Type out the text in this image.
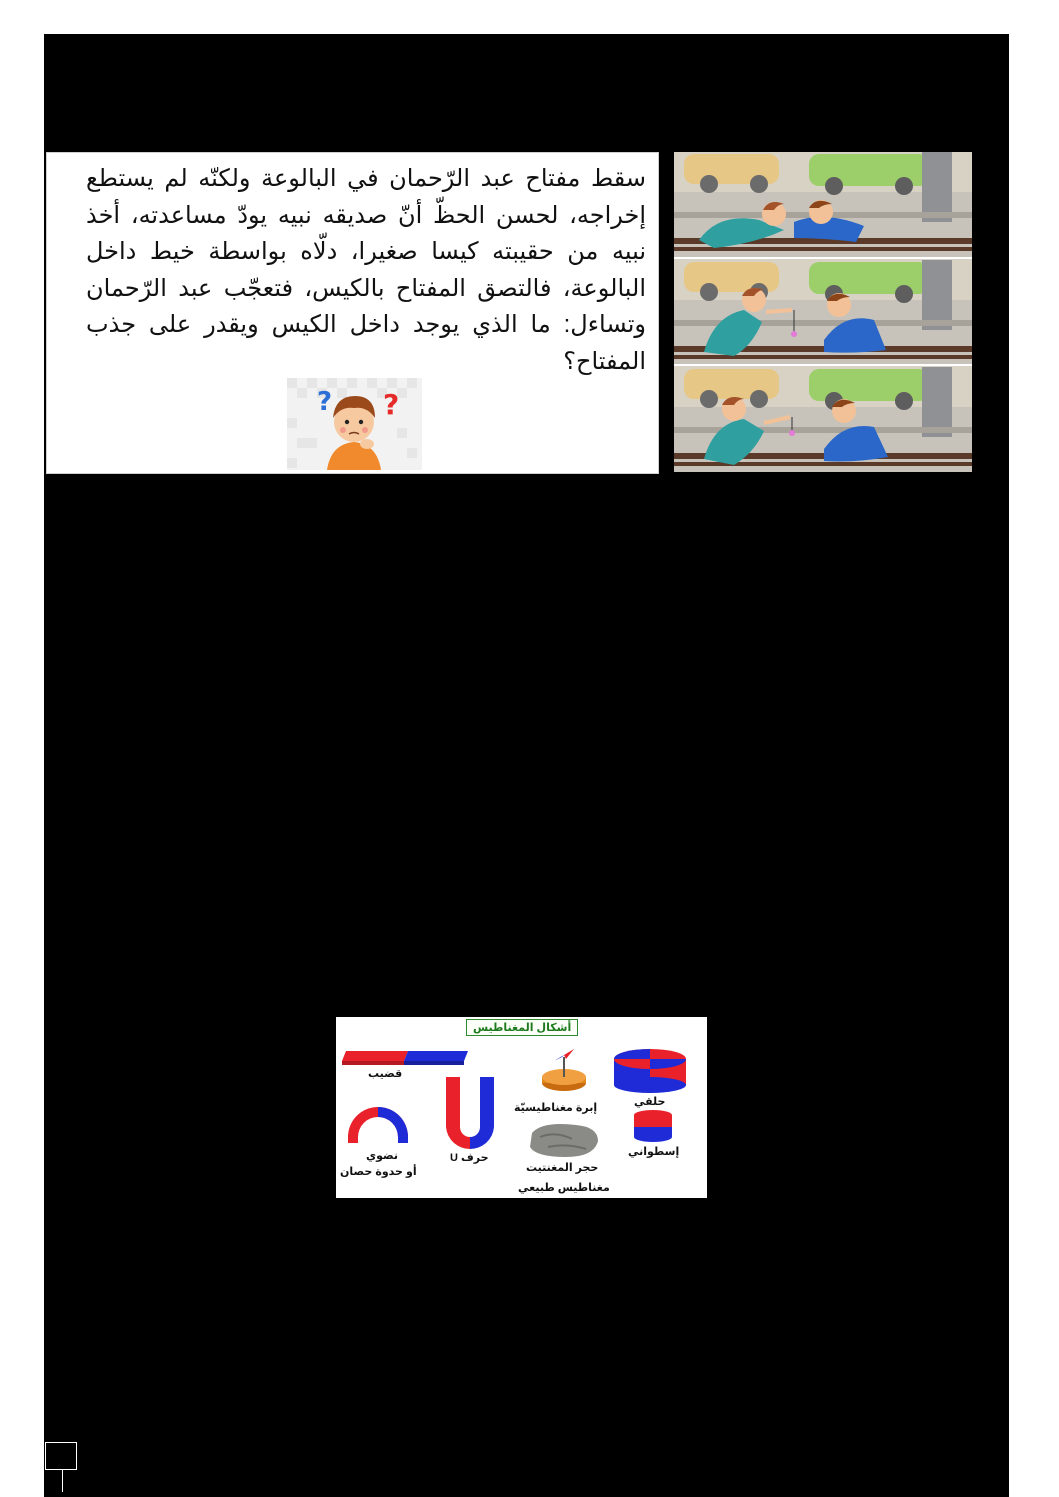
سقط مفتاح عبد الرّحمان في البالوعة ولكنّه لم يستطع إخراجه، لحسن الحظّ أنّ صديقه نبيه يودّ مساعدته، أخذ نبيه من حقيبته كيسا صغيرا، دلّاه بواسطة خيط داخل البالوعة، فالتصق المفتاح بالكيس، فتعجّب عبد الرّحمان وتساءل: ما الذي يوجد داخل الكيس ويقدر على جذب المفتاح؟
? ?
أشكال المغناطيس
قضيب
إبرة مغناطيسيّة	حلقي
نضوي
أو حدوة حصان
حرف U
حجر المغنتيت
مغناطيس طبيعي
إسطواني
